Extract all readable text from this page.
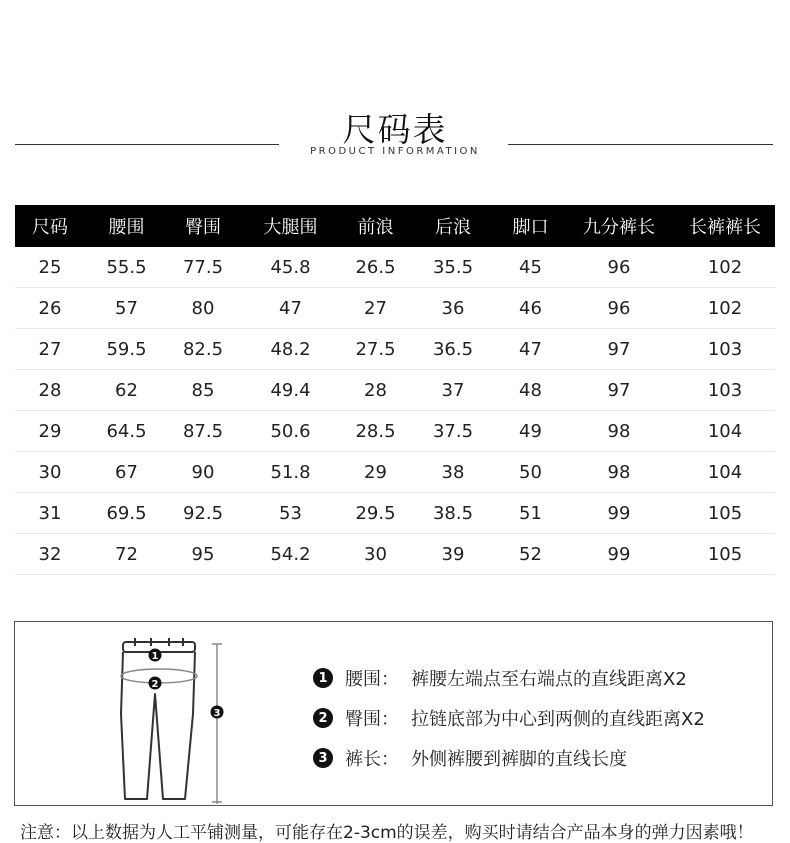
尺码表
PRODUCT INFORMATION
尺码	腰围	臀围	大腿围	前浪	后浪	脚口	九分裤长	长裤裤长
25	55.5	77.5	45.8	26.5	35.5	45	96	102
26	57	80	47	27	36	46	96	102
27	59.5	82.5	48.2	27.5	36.5	47	97	103
28	62	85	49.4	28	37	48	97	103
29	64.5	87.5	50.6	28.5	37.5	49	98	104
30	67	90	51.8	29	38	50	98	104
31	69.5	92.5	53	29.5	38.5	51	99	105
32	72	95	54.2	30	39	52	99	105
1
2
3
1 腰围： 裤腰左端点至右端点的直线距离X2
2 臀围： 拉链底部为中心到两侧的直线距离X2
3 裤长： 外侧裤腰到裤脚的直线长度
注意：以上数据为人工平铺测量，可能存在2-3cm的误差，购买时请结合产品本身的弹力因素哦！
